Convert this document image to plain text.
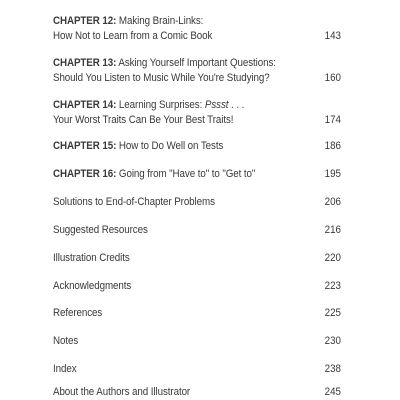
CHAPTER 12: Making Brain-Links:
How Not to Learn from a Comic Book	143
CHAPTER 13: Asking Yourself Important Questions:
Should You Listen to Music While You're Studying?	160
CHAPTER 14: Learning Surprises: Pssst . . .
Your Worst Traits Can Be Your Best Traits!	174
CHAPTER 15: How to Do Well on Tests	186
CHAPTER 16: Going from "Have to" to "Get to"	195
Solutions to End-of-Chapter Problems	206
Suggested Resources	216
Illustration Credits	220
Acknowledgments	223
References	225
Notes	230
Index	238
About the Authors and Illustrator	245
